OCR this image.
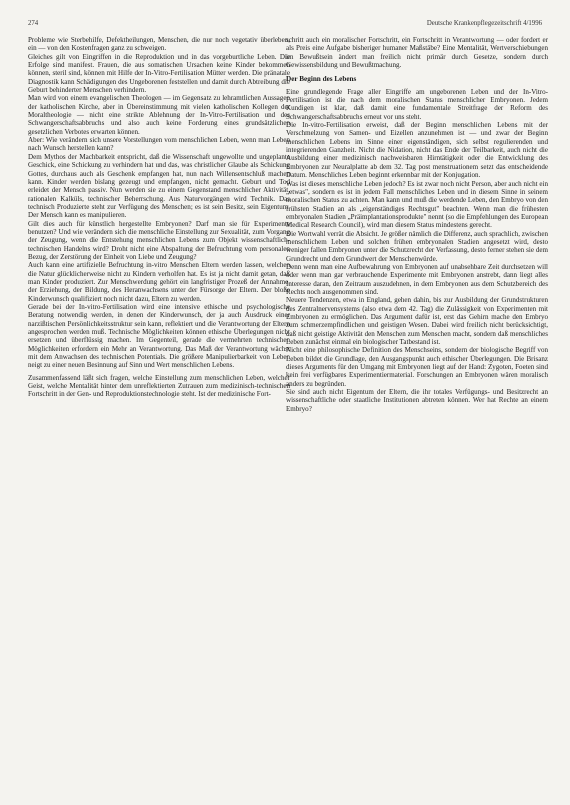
274	Deutsche Krankenpflegezeitschrift 4/1996

Probleme wie Sterbehilfe, Defektheilungen, Menschen, die nur noch vegetativ überleben, ein — von den Kostenfragen ganz zu schweigen.

Gleiches gilt von Eingriffen in die Reproduktion und in das vorgeburtliche Leben. Die Erfolge sind manifest. Frauen, die aus somatischen Ursachen keine Kinder bekommen können, steril sind, können mit Hilfe der In-Vitro-Fertilisation Mütter werden. Die pränatale Diagnostik kann Schädigungen des Ungeborenen feststellen und damit durch Abtreibung die Geburt behinderter Menschen verhindern.

Man wird von einem evangelischen Theologen — im Gegensatz zu lehramtlichen Aussagen der katholischen Kirche, aber in Übereinstimmung mit vielen katholischen Kollegen der Moraltheologie — nicht eine strikte Ablehnung der In-Vitro-Fertilisation und des Schwangerschaftsabbruchs und also auch keine Forderung eines grundsätzlichen gesetzlichen Verbotes erwarten können.

Aber: Wie verändern sich unsere Vorstellungen vom menschlichen Leben, wenn man Leben nach Wunsch herstellen kann?

Dem Mythos der Machbarkeit entspricht, daß die Wissenschaft ungewollte und ungeplante Geschick, eine Schickung zu verhindern hat und das, was christlicher Glaube als Schickung Gottes, durchaus auch als Geschenk empfangen hat, nun nach Willensentschluß machen kann. Kinder werden bislang gezeugt und empfangen, nicht gemacht. Geburt und Tod erleidet der Mensch passiv. Nun werden sie zu einem Gegenstand menschlicher Aktivität, rationalen Kalküls, technischer Beherrschung. Aus Naturvorgängen wird Technik. Das technisch Produzierte steht zur Verfügung des Menschen; es ist sein Besitz, sein Eigentum. Der Mensch kann es manipulieren.

Gilt dies auch für künstlich hergestellte Embryonen? Darf man sie für Experimente benutzen? Und wie verändern sich die menschliche Einstellung zur Sexualität, zum Vorgang der Zeugung, wenn die Entstehung menschlichen Lebens zum Objekt wissenschaftlich-technischen Handelns wird? Droht nicht eine Abspaltung der Befruchtung vom personalen Bezug, der Zerstörung der Einheit von Liebe und Zeugung?

Auch kann eine artifizielle Befruchtung in-vitro Menschen Eltern werden lassen, welchen die Natur glücklicherweise nicht zu Kindern verholfen hat. Es ist ja nicht damit getan, daß man Kinder produziert. Zur Menschwerdung gehört ein langfristiger Prozeß der Annahme, der Erziehung, der Bildung, des Heranwachsens unter der Fürsorge der Eltern. Der bloße Kinderwunsch qualifiziert noch nicht dazu, Eltern zu werden.

Gerade bei der In-vitro-Fertilisation wird eine intensive ethische und psychologische Beratung notwendig werden, in denen der Kinderwunsch, der ja auch Ausdruck einer narzißtischen Persönlichkeitsstruktur sein kann, reflektiert und die Verantwortung der Eltern angesprochen werden muß. Technische Möglichkeiten können ethische Überlegungen nicht ersetzen und überflüssig machen. Im Gegenteil, gerade die vermehrten technischen Möglichkeiten erfordern ein Mehr an Verantwortung. Das Maß der Verantwortung wächst mit dem Anwachsen des technischen Potentials. Die größere Manipulierbarkeit von Leben neigt zu einer neuen Besinnung auf Sinn und Wert menschlichen Lebens.

Zusammenfassend läßt sich fragen, welche Einstellung zum menschlichen Leben, welcher Geist, welche Mentalität hinter dem unreflektierten Zutrauen zum medizinisch-technischen Fortschritt in der Gen- und Reproduktionstechnologie steht. Ist der medizinische Fort-

schritt auch ein moralischer Fortschritt, ein Fortschritt in Verantwortung — oder fordert er als Preis eine Aufgabe bisheriger humaner Maßstäbe? Eine Mentalität, Wertverschiebungen im Bewußtsein ändert man freilich nicht primär durch Gesetze, sondern durch Gewissensbildung und Bewußtmachung.

Der Beginn des Lebens

Eine grundlegende Frage aller Eingriffe am ungeborenen Leben und der In-Vitro-Fertilisation ist die nach dem moralischen Status menschlicher Embryonen. Jedem Kundigen ist klar, daß damit eine fundamentale Streitfrage der Reform des Schwangerschaftsabbruchs erneut vor uns steht.

Die In-vitro-Fertilisation erweist, daß der Beginn menschlichen Lebens mit der Verschmelzung von Samen- und Eizellen anzunehmen ist — und zwar der Beginn menschlichen Lebens im Sinne einer eigenständigen, sich selbst regulierenden und integrierenden Ganzheit. Nicht die Nidation, nicht das Ende der Teilbarkeit, auch nicht die Ausbildung einer medizinisch nachweisbaren Hirntätigkeit oder die Entwicklung des Embryonen zur Neuralplatte ab dem 32. Tag post menstruationem setzt das entscheidende Datum. Menschliches Leben beginnt erkennbar mit der Konjugation.

Was ist dieses menschliche Leben jedoch? Es ist zwar noch nicht Person, aber auch nicht ein „etwas", sondern es ist in jedem Fall menschliches Leben und in diesem Sinne in seinem moralischen Status zu achten. Man kann und muß die werdende Leben, den Embryo von den frühsten Stadien an als „eigenständiges Rechtsgut" beachten. Wenn man die frühesten embryonalen Stadien „Präimplantationsprodukte" nennt (so die Empfehlungen des European Medical Research Council), wird man diesem Status mindestens gerecht.

Die Wortwahl verrät die Absicht. Je größer nämlich die Differenz, auch sprachlich, zwischen menschlichem Leben und solchen frühen embryonalen Stadien angesetzt wird, desto weniger fallen Embryonen unter die Schutzrecht der Verfassung, desto ferner stehen sie dem Grundrecht und dem Grundwert der Menschenwürde.

Denn wenn man eine Aufbewahrung von Embryonen auf unabsehbare Zeit durchsetzen will oder wenn man gar verbrauchende Experimente mit Embryonen anstrebt, dann liegt alles Interesse daran, den Zeitraum auszudehnen, in dem Embryonen aus dem Schutzbereich des Rechts noch ausgenommen sind.

Neuere Tendenzen, etwa in England, gehen dahin, bis zur Ausbildung der Grundstrukturen des Zentralnervensystems (also etwa dem 42. Tag) die Zulässigkeit von Experimenten mit Embryonen zu ermöglichen. Das Argument dafür ist, erst das Gehirn mache den Embryo zum schmerzempfindlichen und geistigen Wesen. Dabei wird freilich nicht berücksichtigt, daß nicht geistige Aktivität den Menschen zum Menschen macht, sondern daß menschliches Leben zunächst einmal ein biologischer Tatbestand ist.

Nicht eine philosophische Definition des Menschseins, sondern der biologische Begriff von Leben bildet die Grundlage, den Ausgangspunkt auch ethischer Überlegungen. Die Brisanz dieses Arguments für den Umgang mit Embryonen liegt auf der Hand: Zygoten, Foeten sind kein frei verfügbares Experimentiermaterial. Forschungen an Embryonen wären moralisch anders zu begründen.

Sie sind auch nicht Eigentum der Eltern, die ihr totales Verfügungs- und Besitzrecht an wissenschaftliche oder staatliche Institutionen abtreten können. Wer hat Rechte an einem Embryo?
